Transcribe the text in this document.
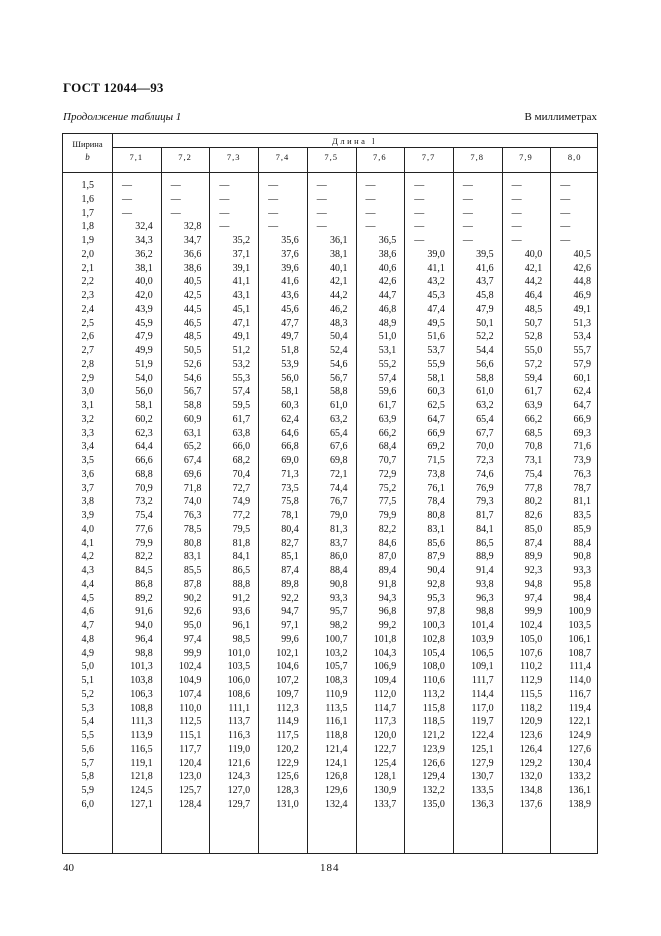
ГОСТ 12044—93
Продолжение таблицы 1	В миллиметрах
Ширина
b
Длина l
7,1	7,2	7,3	7,4	7,5	7,6	7,7	7,8	7,9	8,0
1,5	—	—	—	—	—	—	—	—	—	—
1,6	—	—	—	—	—	—	—	—	—	—
1,7	—	—	—	—	—	—	—	—	—	—
1,8	32,4	32,8	—	—	—	—	—	—	—	—
1,9	34,3	34,7	35,2	35,6	36,1	36,5	—	—	—	—
2,0	36,2	36,6	37,1	37,6	38,1	38,6	39,0	39,5	40,0	40,5
2,1	38,1	38,6	39,1	39,6	40,1	40,6	41,1	41,6	42,1	42,6
2,2	40,0	40,5	41,1	41,6	42,1	42,6	43,2	43,7	44,2	44,8
2,3	42,0	42,5	43,1	43,6	44,2	44,7	45,3	45,8	46,4	46,9
2,4	43,9	44,5	45,1	45,6	46,2	46,8	47,4	47,9	48,5	49,1
2,5	45,9	46,5	47,1	47,7	48,3	48,9	49,5	50,1	50,7	51,3
2,6	47,9	48,5	49,1	49,7	50,4	51,0	51,6	52,2	52,8	53,4
2,7	49,9	50,5	51,2	51,8	52,4	53,1	53,7	54,4	55,0	55,7
2,8	51,9	52,6	53,2	53,9	54,6	55,2	55,9	56,6	57,2	57,9
2,9	54,0	54,6	55,3	56,0	56,7	57,4	58,1	58,8	59,4	60,1
3,0	56,0	56,7	57,4	58,1	58,8	59,6	60,3	61,0	61,7	62,4
3,1	58,1	58,8	59,5	60,3	61,0	61,7	62,5	63,2	63,9	64,7
3,2	60,2	60,9	61,7	62,4	63,2	63,9	64,7	65,4	66,2	66,9
3,3	62,3	63,1	63,8	64,6	65,4	66,2	66,9	67,7	68,5	69,3
3,4	64,4	65,2	66,0	66,8	67,6	68,4	69,2	70,0	70,8	71,6
3,5	66,6	67,4	68,2	69,0	69,8	70,7	71,5	72,3	73,1	73,9
3,6	68,8	69,6	70,4	71,3	72,1	72,9	73,8	74,6	75,4	76,3
3,7	70,9	71,8	72,7	73,5	74,4	75,2	76,1	76,9	77,8	78,7
3,8	73,2	74,0	74,9	75,8	76,7	77,5	78,4	79,3	80,2	81,1
3,9	75,4	76,3	77,2	78,1	79,0	79,9	80,8	81,7	82,6	83,5
4,0	77,6	78,5	79,5	80,4	81,3	82,2	83,1	84,1	85,0	85,9
4,1	79,9	80,8	81,8	82,7	83,7	84,6	85,6	86,5	87,4	88,4
4,2	82,2	83,1	84,1	85,1	86,0	87,0	87,9	88,9	89,9	90,8
4,3	84,5	85,5	86,5	87,4	88,4	89,4	90,4	91,4	92,3	93,3
4,4	86,8	87,8	88,8	89,8	90,8	91,8	92,8	93,8	94,8	95,8
4,5	89,2	90,2	91,2	92,2	93,3	94,3	95,3	96,3	97,4	98,4
4,6	91,6	92,6	93,6	94,7	95,7	96,8	97,8	98,8	99,9	100,9
4,7	94,0	95,0	96,1	97,1	98,2	99,2	100,3	101,4	102,4	103,5
4,8	96,4	97,4	98,5	99,6	100,7	101,8	102,8	103,9	105,0	106,1
4,9	98,8	99,9	101,0	102,1	103,2	104,3	105,4	106,5	107,6	108,7
5,0	101,3	102,4	103,5	104,6	105,7	106,9	108,0	109,1	110,2	111,4
5,1	103,8	104,9	106,0	107,2	108,3	109,4	110,6	111,7	112,9	114,0
5,2	106,3	107,4	108,6	109,7	110,9	112,0	113,2	114,4	115,5	116,7
5,3	108,8	110,0	111,1	112,3	113,5	114,7	115,8	117,0	118,2	119,4
5,4	111,3	112,5	113,7	114,9	116,1	117,3	118,5	119,7	120,9	122,1
5,5	113,9	115,1	116,3	117,5	118,8	120,0	121,2	122,4	123,6	124,9
5,6	116,5	117,7	119,0	120,2	121,4	122,7	123,9	125,1	126,4	127,6
5,7	119,1	120,4	121,6	122,9	124,1	125,4	126,6	127,9	129,2	130,4
5,8	121,8	123,0	124,3	125,6	126,8	128,1	129,4	130,7	132,0	133,2
5,9	124,5	125,7	127,0	128,3	129,6	130,9	132,2	133,5	134,8	136,1
6,0	127,1	128,4	129,7	131,0	132,4	133,7	135,0	136,3	137,6	138,9
40	184
